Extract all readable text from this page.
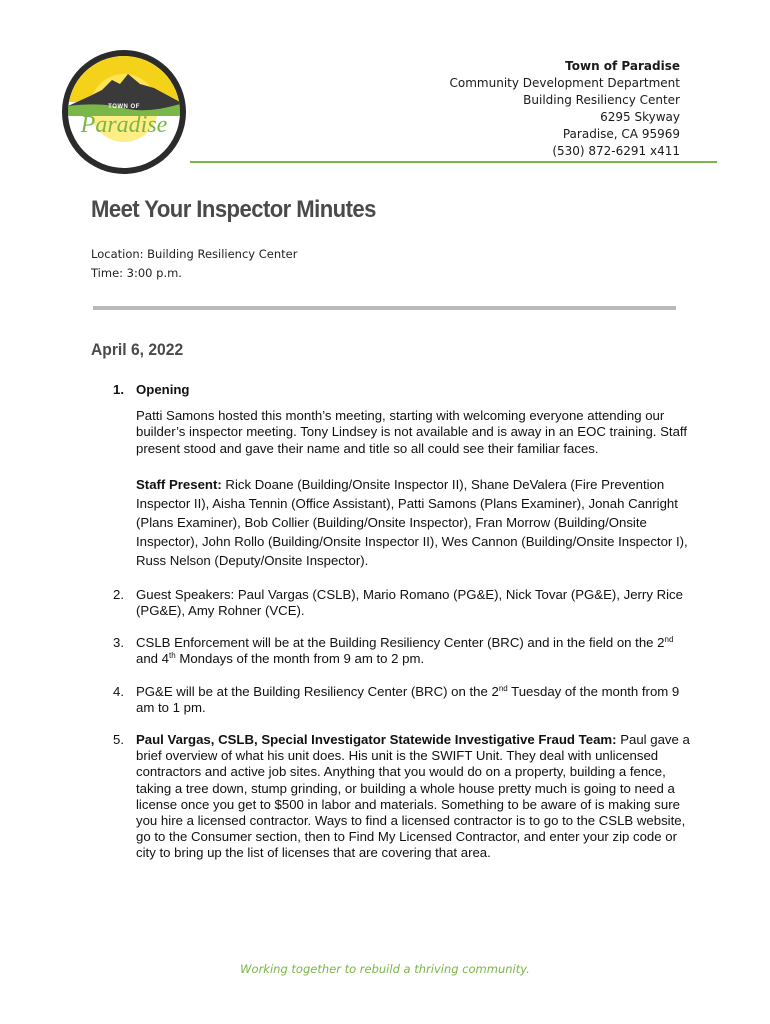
TOWN OF
Paradise
CALIFORNIA
INC. 1979
Town of Paradise
Community Development Department
Building Resiliency Center
6295 Skyway
Paradise, CA 95969
(530) 872-6291 x411
Meet Your Inspector Minutes
Location: Building Resiliency Center
Time: 3:00 p.m.
April 6, 2022
1. Opening

Patti Samons hosted this month’s meeting, starting with welcoming everyone attending our builder’s inspector meeting. Tony Lindsey is not available and is away in an EOC training. Staff present stood and gave their name and title so all could see their familiar faces.

Staff Present: Rick Doane (Building/Onsite Inspector II), Shane DeValera (Fire Prevention Inspector II), Aisha Tennin (Office Assistant), Patti Samons (Plans Examiner), Jonah Canright (Plans Examiner), Bob Collier (Building/Onsite Inspector), Fran Morrow (Building/Onsite Inspector), John Rollo (Building/Onsite Inspector II), Wes Cannon (Building/Onsite Inspector I), Russ Nelson (Deputy/Onsite Inspector).

2. Guest Speakers: Paul Vargas (CSLB), Mario Romano (PG&E), Nick Tovar (PG&E), Jerry Rice (PG&E), Amy Rohner (VCE).
3. CSLB Enforcement will be at the Building Resiliency Center (BRC) and in the field on the 2nd and 4th Mondays of the month from 9 am to 2 pm.
4. PG&E will be at the Building Resiliency Center (BRC) on the 2nd Tuesday of the month from 9 am to 1 pm.
5. Paul Vargas, CSLB, Special Investigator Statewide Investigative Fraud Team: Paul gave a brief overview of what his unit does. His unit is the SWIFT Unit. They deal with unlicensed contractors and active job sites. Anything that you would do on a property, building a fence, taking a tree down, stump grinding, or building a whole house pretty much is going to need a license once you get to $500 in labor and materials. Something to be aware of is making sure you hire a licensed contractor. Ways to find a licensed contractor is to go to the CSLB website, go to the Consumer section, then to Find My Licensed Contractor, and enter your zip code or city to bring up the list of licenses that are covering that area.
Working together to rebuild a thriving community.
